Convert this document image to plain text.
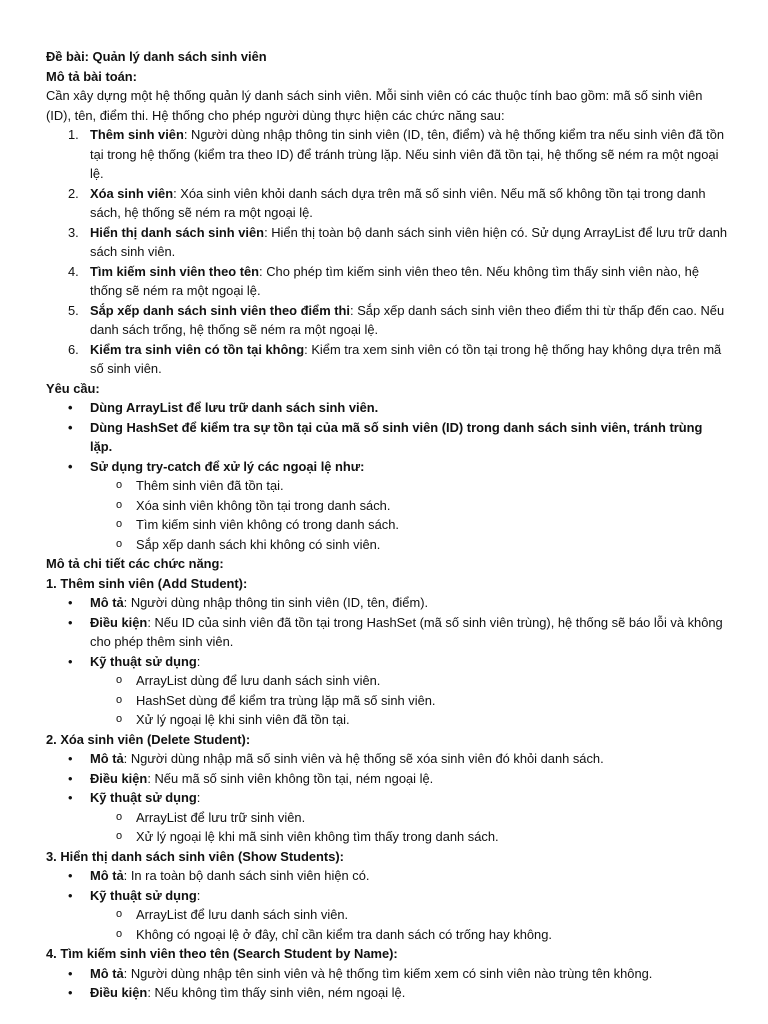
Đề bài: Quản lý danh sách sinh viên

Mô tả bài toán:

Cần xây dựng một hệ thống quản lý danh sách sinh viên. Mỗi sinh viên có các thuộc tính bao gồm: mã số sinh viên (ID), tên, điểm thi. Hệ thống cho phép người dùng thực hiện các chức năng sau:

1. Thêm sinh viên: Người dùng nhập thông tin sinh viên (ID, tên, điểm) và hệ thống kiểm tra nếu sinh viên đã tồn tại trong hệ thống (kiểm tra theo ID) để tránh trùng lặp. Nếu sinh viên đã tồn tại, hệ thống sẽ ném ra một ngoại lệ.

2. Xóa sinh viên: Xóa sinh viên khỏi danh sách dựa trên mã số sinh viên. Nếu mã số không tồn tại trong danh sách, hệ thống sẽ ném ra một ngoại lệ.

3. Hiển thị danh sách sinh viên: Hiển thị toàn bộ danh sách sinh viên hiện có. Sử dụng ArrayList để lưu trữ danh sách sinh viên.

4. Tìm kiếm sinh viên theo tên: Cho phép tìm kiếm sinh viên theo tên. Nếu không tìm thấy sinh viên nào, hệ thống sẽ ném ra một ngoại lệ.

5. Sắp xếp danh sách sinh viên theo điểm thi: Sắp xếp danh sách sinh viên theo điểm thi từ thấp đến cao. Nếu danh sách trống, hệ thống sẽ ném ra một ngoại lệ.

6. Kiểm tra sinh viên có tồn tại không: Kiểm tra xem sinh viên có tồn tại trong hệ thống hay không dựa trên mã số sinh viên.

Yêu cầu:

• Dùng ArrayList để lưu trữ danh sách sinh viên.
• Dùng HashSet để kiểm tra sự tồn tại của mã số sinh viên (ID) trong danh sách sinh viên, tránh trùng lặp.
• Sử dụng try-catch để xử lý các ngoại lệ như:
o Thêm sinh viên đã tồn tại.
o Xóa sinh viên không tồn tại trong danh sách.
o Tìm kiếm sinh viên không có trong danh sách.
o Sắp xếp danh sách khi không có sinh viên.

Mô tả chi tiết các chức năng:

1. Thêm sinh viên (Add Student):

• Mô tả: Người dùng nhập thông tin sinh viên (ID, tên, điểm).
• Điều kiện: Nếu ID của sinh viên đã tồn tại trong HashSet (mã số sinh viên trùng), hệ thống sẽ báo lỗi và không cho phép thêm sinh viên.
• Kỹ thuật sử dụng:
o ArrayList dùng để lưu danh sách sinh viên.
o HashSet dùng để kiểm tra trùng lặp mã số sinh viên.
o Xử lý ngoại lệ khi sinh viên đã tồn tại.

2. Xóa sinh viên (Delete Student):

• Mô tả: Người dùng nhập mã số sinh viên và hệ thống sẽ xóa sinh viên đó khỏi danh sách.
• Điều kiện: Nếu mã số sinh viên không tồn tại, ném ngoại lệ.
• Kỹ thuật sử dụng:
o ArrayList để lưu trữ sinh viên.
o Xử lý ngoại lệ khi mã sinh viên không tìm thấy trong danh sách.

3. Hiển thị danh sách sinh viên (Show Students):

• Mô tả: In ra toàn bộ danh sách sinh viên hiện có.
• Kỹ thuật sử dụng:
o ArrayList để lưu danh sách sinh viên.
o Không có ngoại lệ ở đây, chỉ cần kiểm tra danh sách có trống hay không.

4. Tìm kiếm sinh viên theo tên (Search Student by Name):

• Mô tả: Người dùng nhập tên sinh viên và hệ thống tìm kiếm xem có sinh viên nào trùng tên không.
• Điều kiện: Nếu không tìm thấy sinh viên, ném ngoại lệ.
